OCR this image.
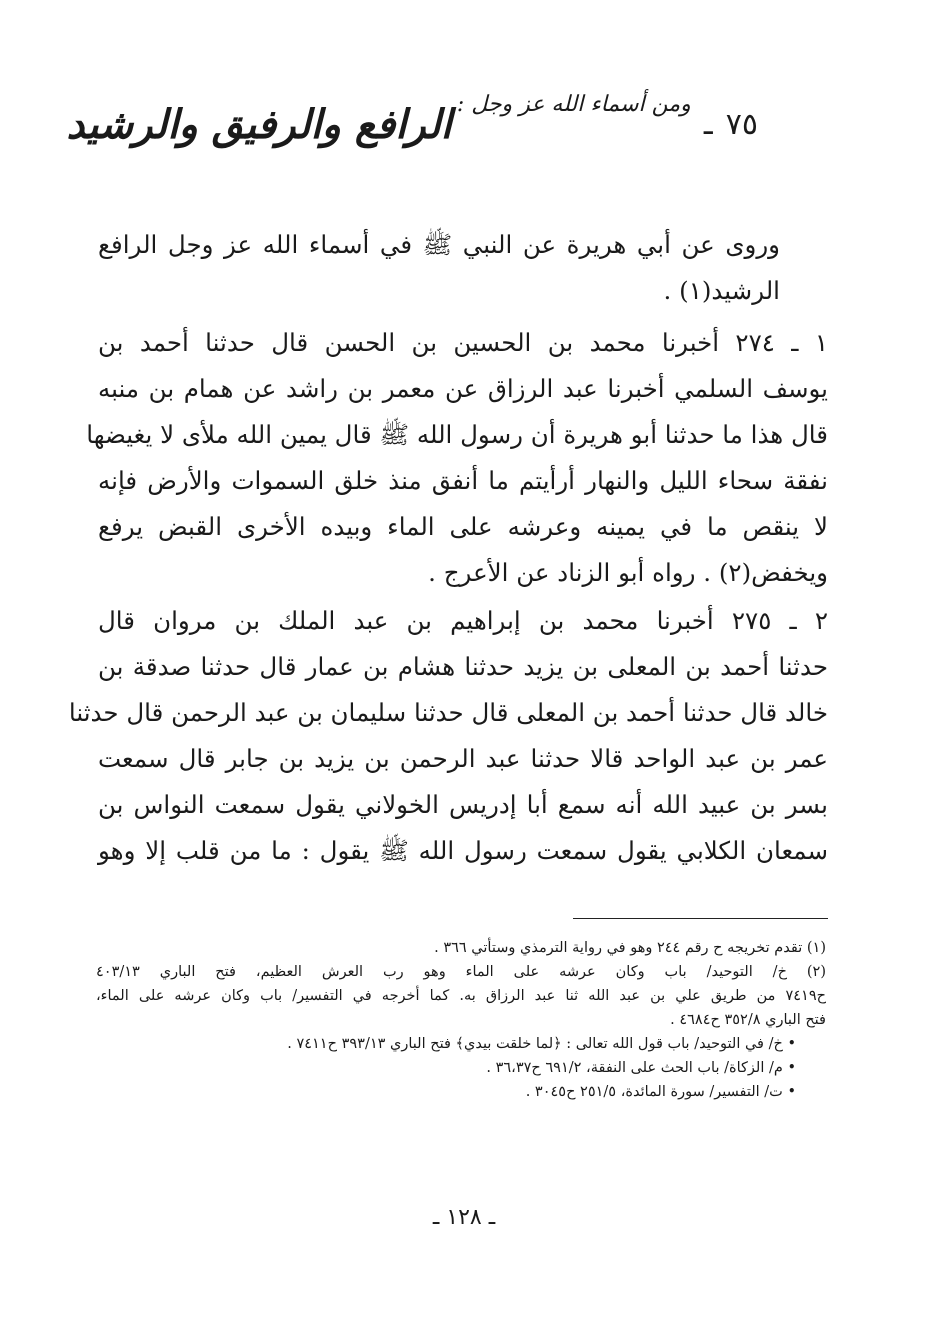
٧٥ ـ ومن أسماء الله عز وجل : الرافع والرفيق والرشيد
وروى عن أبي هريرة عن النبي ﷺ في أسماء الله عز وجل الرافع
الرشيد(١) .
١ ـ ٢٧٤ أخبرنا محمد بن الحسين بن الحسن قال حدثنا أحمد بن
يوسف السلمي أخبرنا عبد الرزاق عن معمر بن راشد عن همام بن منبه
قال هذا ما حدثنا أبو هريرة أن رسول الله ﷺ قال يمين الله ملأى لا يغيضها
نفقة سحاء الليل والنهار أرأيتم ما أنفق منذ خلق السموات والأرض فإنه
لا ينقص ما في يمينه وعرشه على الماء وبيده الأخرى القبض يرفع
ويخفض(٢) . رواه أبو الزناد عن الأعرج .
٢ ـ ٢٧٥ أخبرنا محمد بن إبراهيم بن عبد الملك بن مروان قال
حدثنا أحمد بن المعلى بن يزيد حدثنا هشام بن عمار قال حدثنا صدقة بن
خالد قال حدثنا أحمد بن المعلى قال حدثنا سليمان بن عبد الرحمن قال حدثنا
عمر بن عبد الواحد قالا حدثنا عبد الرحمن بن يزيد بن جابر قال سمعت
بسر بن عبيد الله أنه سمع أبا إدريس الخولاني يقول سمعت النواس بن
سمعان الكلابي يقول سمعت رسول الله ﷺ يقول : ما من قلب إلا وهو
(١) تقدم تخريجه ح رقم ٢٤٤ وهو في رواية الترمذي وستأتي ٣٦٦ .
(٢) خ/ التوحيد/ باب وكان عرشه على الماء وهو رب العرش العظيم، فتح الباري ٤٠٣/١٣
ح٧٤١٩ من طريق علي بن عبد الله ثنا عبد الرزاق به. كما أخرجه في التفسير/ باب وكان عرشه على الماء،
فتح الباري ٣٥٢/٨ ح٤٦٨٤ .
• خ/ في التوحيد/ باب قول الله تعالى : ﴿لما خلقت بيدي﴾ فتح الباري ٣٩٣/١٣ ح٧٤١١ .
• م/ الزكاة/ باب الحث على النفقة، ٦٩١/٢ ح٣٦،٣٧ .
• ت/ التفسير/ سورة المائدة، ٢٥١/٥ ح٣٠٤٥ .
ـ ١٢٨ ـ
